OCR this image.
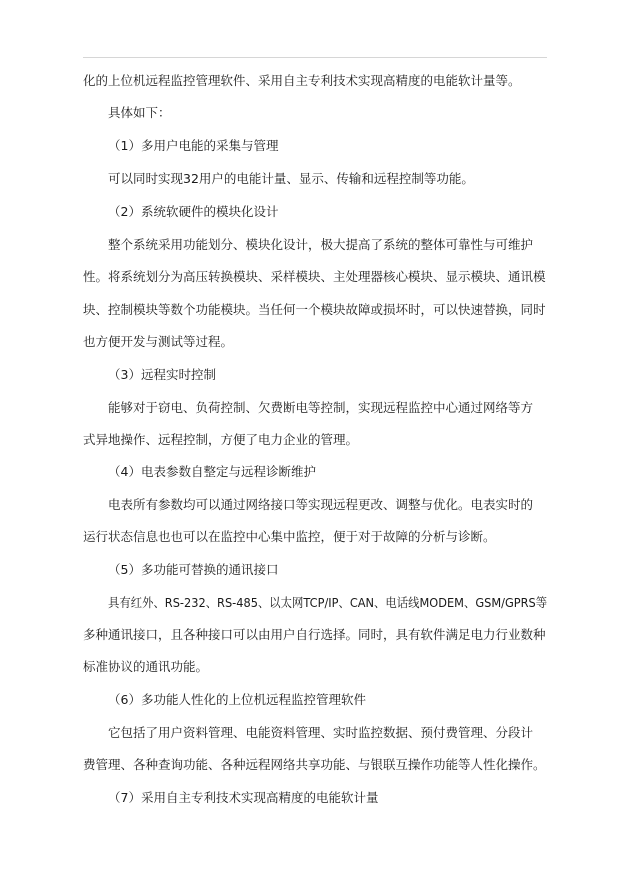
化的上位机远程监控管理软件、采用自主专利技术实现高精度的电能软计量等。
具体如下：
（1）多用户电能的采集与管理
可以同时实现32用户的电能计量、显示、传输和远程控制等功能。
（2）系统软硬件的模块化设计
整个系统采用功能划分、模块化设计，极大提高了系统的整体可靠性与可维护
性。将系统划分为高压转换模块、采样模块、主处理器核心模块、显示模块、通讯模
块、控制模块等数个功能模块。当任何一个模块故障或损坏时，可以快速替换，同时
也方便开发与测试等过程。
（3）远程实时控制
能够对于窃电、负荷控制、欠费断电等控制，实现远程监控中心通过网络等方
式异地操作、远程控制，方便了电力企业的管理。
（4）电表参数自整定与远程诊断维护
电表所有参数均可以通过网络接口等实现远程更改、调整与优化。电表实时的
运行状态信息也也可以在监控中心集中监控，便于对于故障的分析与诊断。
（5）多功能可替换的通讯接口
具有红外、RS-232、RS-485、以太网TCP/IP、CAN、电话线MODEM、GSM/GPRS等
多种通讯接口，且各种接口可以由用户自行选择。同时，具有软件满足电力行业数种
标准协议的通讯功能。
（6）多功能人性化的上位机远程监控管理软件
它包括了用户资料管理、电能资料管理、实时监控数据、预付费管理、分段计
费管理、各种查询功能、各种远程网络共享功能、与银联互操作功能等人性化操作。
（7）采用自主专利技术实现高精度的电能软计量
